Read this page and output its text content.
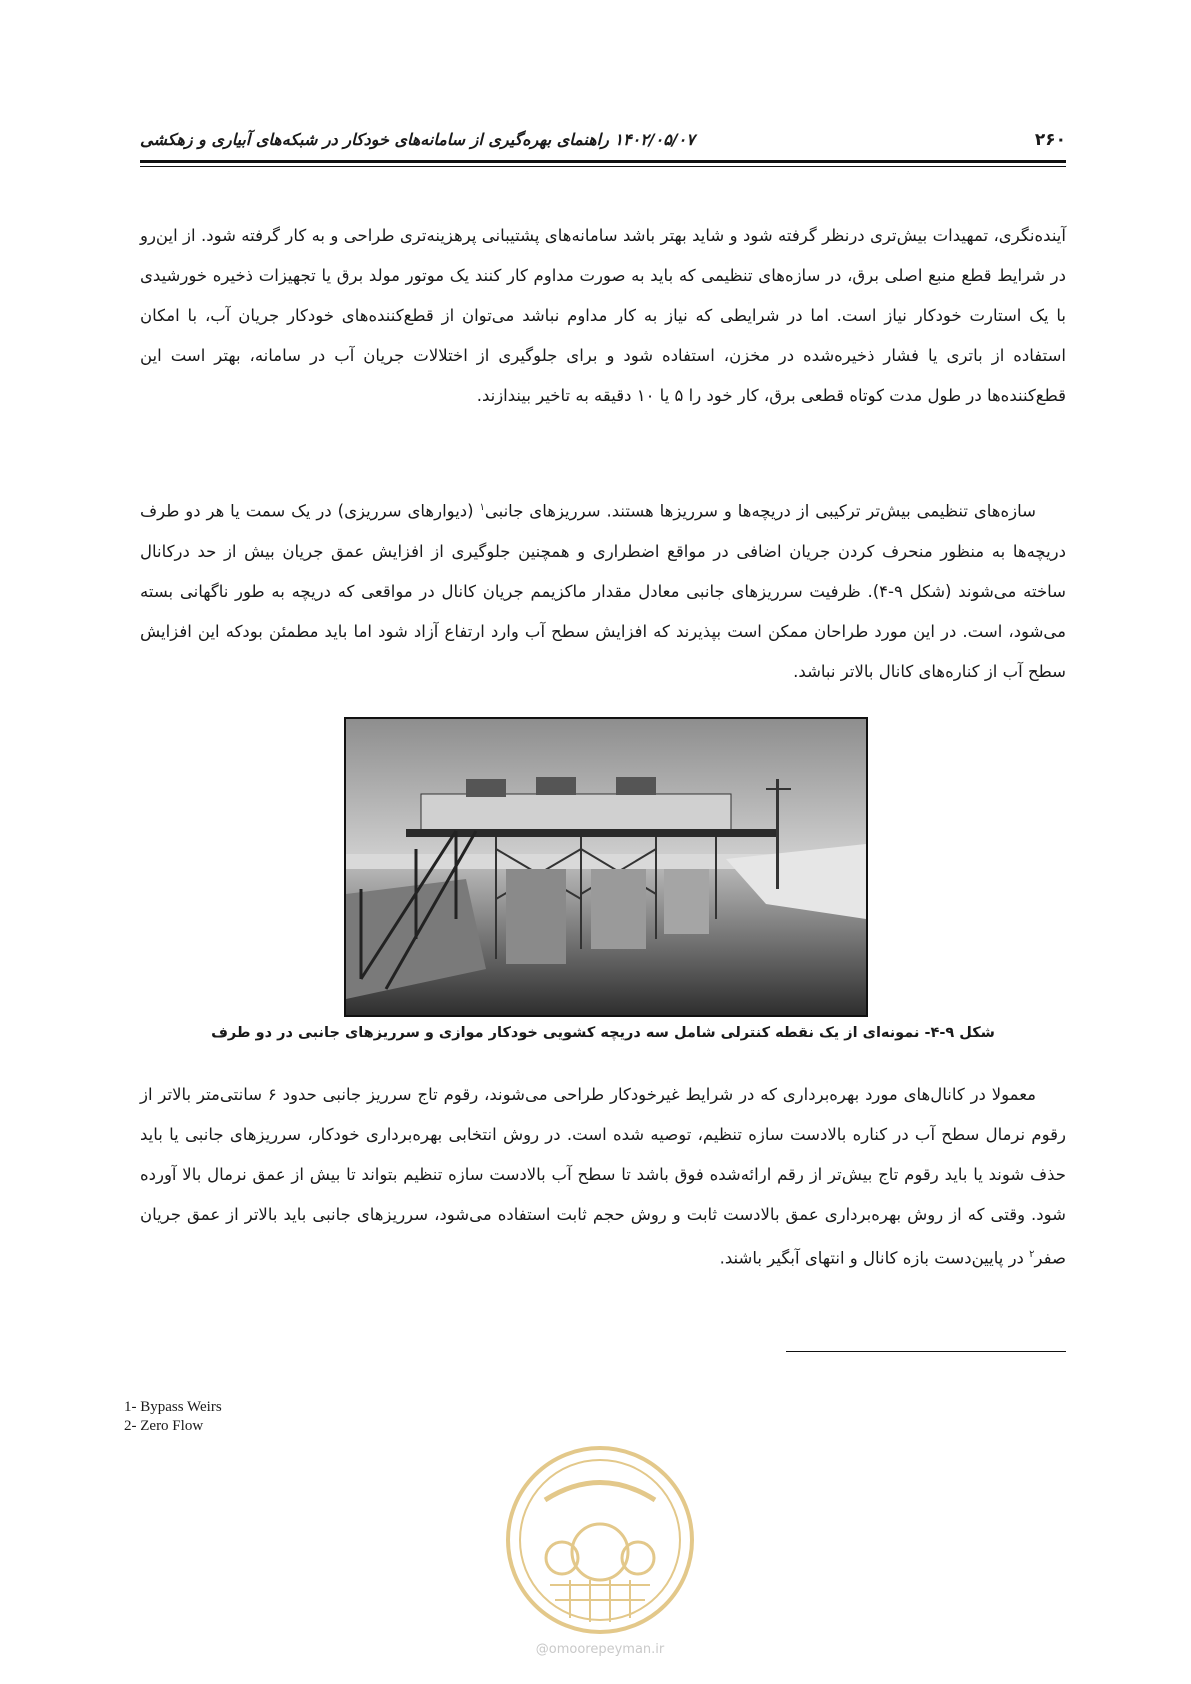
۲۶۰
۱۴۰۲/۰۵/۰۷ راهنمای بهره‌گیری از سامانه‌های خودکار در شبکه‌های آبیاری و زهکشی

آینده‌نگری، تمهیدات بیش‌تری درنظر گرفته شود و شاید بهتر باشد سامانه‌های پشتیبانی پرهزینه‌تری طراحی و به کار گرفته شود. از این‌رو در شرایط قطع منبع اصلی برق، در سازه‌های تنظیمی که باید به صورت مداوم کار کنند یک موتور مولد برق یا تجهیزات ذخیره خورشیدی با یک استارت خودکار نیاز است. اما در شرایطی که نیاز به کار مداوم نباشد می‌توان از قطع‌کننده‌های خودکار جریان آب، با امکان استفاده از باتری یا فشار ذخیره‌شده در مخزن، استفاده شود و برای جلوگیری از اختلالات جریان آب در سامانه، بهتر است این قطع‌کننده‌ها در طول مدت کوتاه قطعی برق، کار خود را ۵ یا ۱۰ دقیقه به تاخیر بیندازند.

سازه‌های تنظیمی بیش‌تر ترکیبی از دریچه‌ها و سرریزها هستند. سرریزهای جانبی$^۱$ (دیوارهای سرریزی) در یک سمت یا هر دو طرف دریچه‌ها به منظور منحرف کردن جریان اضافی در مواقع اضطراری و همچنین جلوگیری از افزایش عمق جریان بیش از حد درکانال ساخته می‌شوند (شکل ۹-۴). ظرفیت سرریزهای جانبی معادل مقدار ماکزیمم جریان کانال در مواقعی که دریچه به طور ناگهانی بسته می‌شود، است. در این مورد طراحان ممکن است بپذیرند که افزایش سطح آب وارد ارتفاع آزاد شود اما باید مطمئن بودکه این افزایش سطح آب از کناره‌های کانال بالاتر نباشد.

شکل ۹-۴- نمونه‌ای از یک نقطه کنترلی شامل سه دریچه کشویی خودکار موازی و سرریزهای جانبی در دو طرف

معمولا در کانال‌های مورد بهره‌برداری که در شرایط غیرخودکار طراحی می‌شوند، رقوم تاج سرریز جانبی حدود ۶ سانتی‌متر بالاتر از رقوم نرمال سطح آب در کناره بالادست سازه تنظیم، توصیه شده است. در روش انتخابی بهره‌برداری خودکار، سرریزهای جانبی یا باید حذف شوند یا باید رقوم تاج بیش‌تر از رقم ارائه‌شده فوق باشد تا سطح آب بالادست سازه تنظیم بتواند تا بیش از عمق نرمال بالا آورده شود. وقتی که از روش بهره‌برداری عمق بالادست ثابت و روش حجم ثابت استفاده می‌شود، سرریزهای جانبی باید بالاتر از عمق جریان صفر$^۲$ در پایین‌دست بازه کانال و انتهای آبگیر باشند.

1- Bypass Weirs
2- Zero Flow
@omoorepeyman.ir
